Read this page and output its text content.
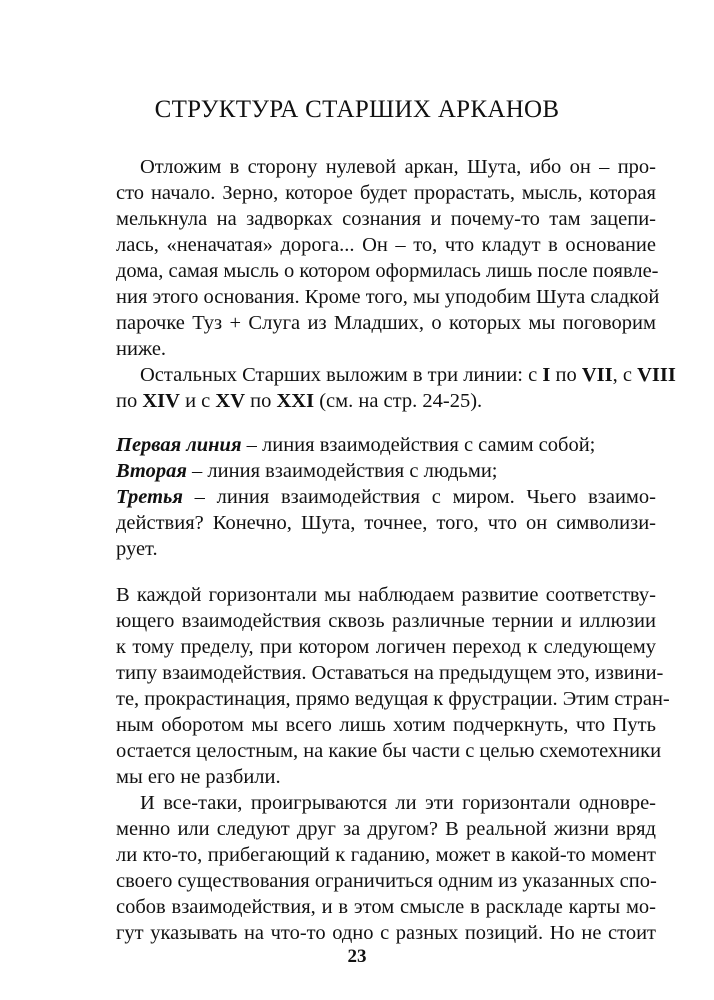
СТРУКТУРА СТАРШИХ АРКАНОВ
Отложим в сторону нулевой аркан, Шута, ибо он – про-
сто начало. Зерно, которое будет прорастать, мысль, которая
мелькнула на задворках сознания и почему-то там зацепи-
лась, «неначатая» дорога... Он – то, что кладут в основание
дома, самая мысль о котором оформилась лишь после появле-
ния этого основания. Кроме того, мы уподобим Шута сладкой
парочке Туз + Слуга из Младших, о которых мы поговорим
ниже.
Остальных Старших выложим в три линии: с I по VII, с VIII
по XIV и с XV по XXI (см. на стр. 24-25).
Первая линия – линия взаимодействия с самим собой;
Вторая – линия взаимодействия с людьми;
Третья – линия взаимодействия с миром. Чьего взаимо-
действия? Конечно, Шута, точнее, того, что он символизи-
рует.
В каждой горизонтали мы наблюдаем развитие соответству-
ющего взаимодействия сквозь различные тернии и иллюзии
к тому пределу, при котором логичен переход к следующему
типу взаимодействия. Оставаться на предыдущем это, извини-
те, прокрастинация, прямо ведущая к фрустрации. Этим стран-
ным оборотом мы всего лишь хотим подчеркнуть, что Путь
остается целостным, на какие бы части с целью схемотехники
мы его не разбили.
И все-таки, проигрываются ли эти горизонтали одновре-
менно или следуют друг за другом? В реальной жизни вряд
ли кто-то, прибегающий к гаданию, может в какой-то момент
своего существования ограничиться одним из указанных спо-
собов взаимодействия, и в этом смысле в раскладе карты мо-
гут указывать на что-то одно с разных позиций. Но не стоит
23
